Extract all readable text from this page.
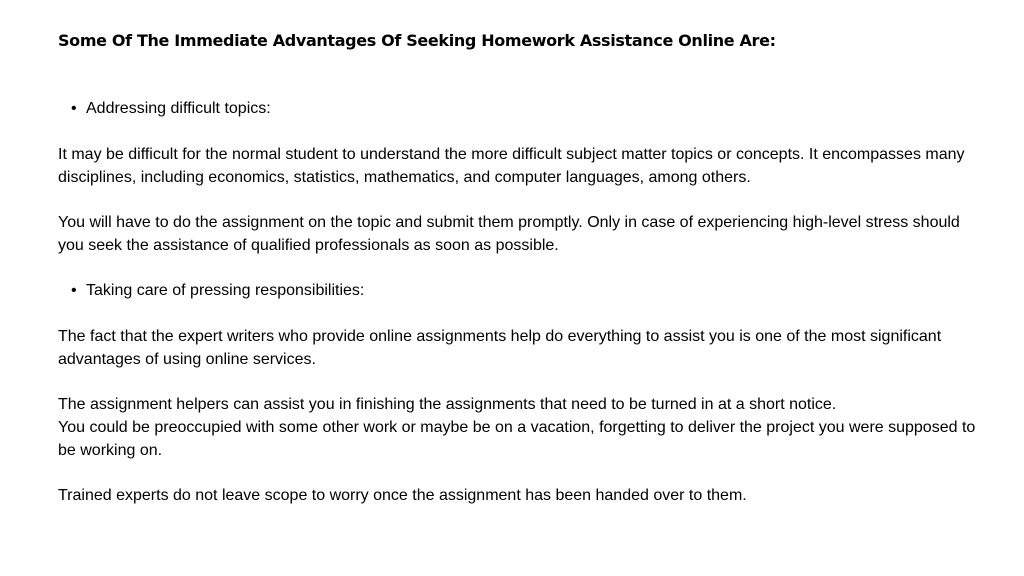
Some Of The Immediate Advantages Of Seeking Homework Assistance Online Are:
• Addressing difficult topics:

It may be difficult for the normal student to understand the more difficult subject matter topics or concepts. It encompasses many disciplines, including economics, statistics, mathematics, and computer languages, among others.

You will have to do the assignment on the topic and submit them promptly. Only in case of experiencing high-level stress should you seek the assistance of qualified professionals as soon as possible.

• Taking care of pressing responsibilities:

The fact that the expert writers who provide online assignments help do everything to assist you is one of the most significant advantages of using online services.

The assignment helpers can assist you in finishing the assignments that need to be turned in at a short notice.

You could be preoccupied with some other work or maybe be on a vacation, forgetting to deliver the project you were supposed to be working on.

Trained experts do not leave scope to worry once the assignment has been handed over to them.
